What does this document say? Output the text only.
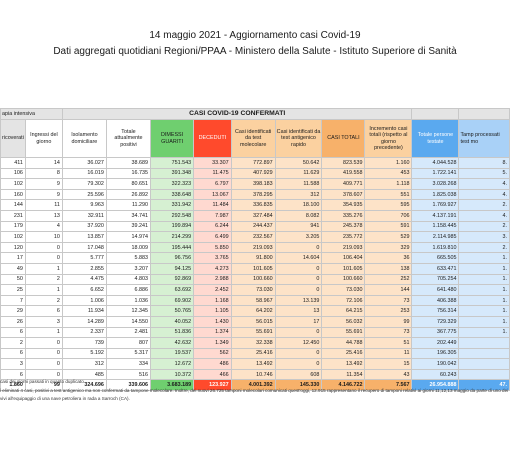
14 maggio 2021 - Aggiornamento casi Covid-19
Dati aggregati quotidiani Regioni/PPAA - Ministero della Salute - Istituto Superiore di Sanità
apia intensiva		CASI COVID-19 CONFERMATI									
ricoverati	Ingressi del giorno	Isolamento domiciliare	Totale attualmente positivi	DIMESSI GUARITI	DECEDUTI	Casi identificati da test molecolare	Casi identificati da test antigenico rapido	CASI TOTALI	Incremento casi totali (rispetto al giorno precedente)	Totale persone testate	Tamp processati test mo
411	14	36.027	38.689	751.543	33.307	772.897	50.642	823.539	1.160	4.044.528	8.
106	8	16.019	16.735	391.348	11.475	407.929	11.629	419.558	453	1.722.141	5.
102	9	79.302	80.651	322.323	6.797	398.183	11.588	409.771	1.118	3.028.268	4.
160	9	25.596	26.892	338.648	13.067	378.295	312	378.607	551	1.825.038	4.
144	11	9.963	11.290	331.942	11.484	336.835	18.100	354.935	595	1.769.927	2.
231	13	32.911	34.741	292.548	7.987	327.484	8.082	335.276	706	4.137.191	4.
179	4	37.920	39.241	199.894	6.244	244.437	941	245.378	591	1.158.445	2.
102	10	13.857	14.974	214.299	6.499	232.567	3.205	235.772	529	2.114.985	3.
120	0	17.048	18.009	195.444	5.850	219.093	0	219.093	329	1.619.810	2.
17	0	5.777	5.883	96.756	3.765	91.800	14.604	106.404	36	665.505	1.
49	1	2.855	3.207	94.125	4.273	101.605	0	101.605	138	633.471	1.
50	2	4.475	4.803	92.869	2.988	100.660	0	100.660	252	705.254	1.
25	1	6.652	6.886	63.692	2.452	73.030	0	73.030	144	641.480	1.
7	2	1.006	1.036	69.902	1.168	58.967	13.139	72.106	73	406.388	1.
29	6	11.934	12.345	50.765	1.105	64.202	13	64.215	253	756.314	1.
26	3	14.289	14.550	40.052	1.430	56.015	17	56.032	99	729.329	1.
6	1	2.337	2.481	51.836	1.374	55.691	0	55.691	73	367.775	1.
2	0	739	807	42.632	1.349	32.338	12.450	44.788	51	202.449	
6	0	5.192	5.317	19.537	562	25.416	0	25.416	11	196.305	
3	0	312	334	12.672	486	13.492	0	13.492	15	190.042	
6	0	485	516	10.372	466	10.746	608	11.354	43	60.243	
1.860	99	324.696	339.606	3.683.189	123.927	4.001.392	145.330	4.146.722	7.567	26.954.888	47.
casi dei giorni passati in quanto duplicato.
i eliminati 4 casi, positivi a test antigenico ma non confermati da tampone molecolare. Inoltre, dei nuovi 26.725 tamponi molecolari comunicati quest'oggi, 12.915 rappresentano il recupero di tamponi relativi ai giorni 11,12,13 maggio da parte di uno dei
vivi all'equipaggio di una nave petroliera in rada a Sarroch (CA).
